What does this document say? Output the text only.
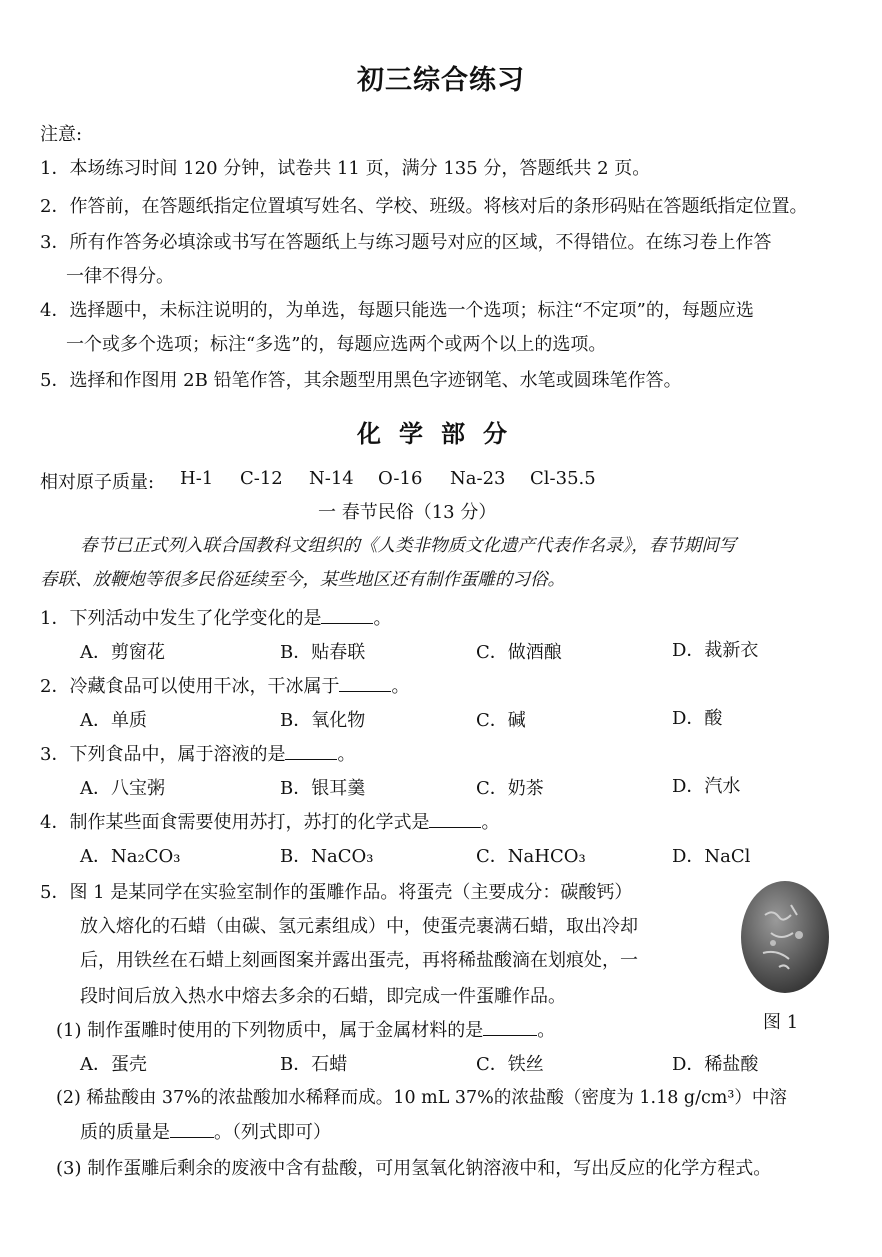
初三综合练习
注意:
1．本场练习时间 120 分钟，试卷共 11 页，满分 135 分，答题纸共 2 页。
2．作答前，在答题纸指定位置填写姓名、学校、班级。将核对后的条形码贴在答题纸指定位置。
3．所有作答务必填涂或书写在答题纸上与练习题号对应的区域，不得错位。在练习卷上作答
一律不得分。
4．选择题中，未标注说明的，为单选，每题只能选一个选项；标注“不定项”的，每题应选
一个或多个选项；标注“多选”的，每题应选两个或两个以上的选项。
5．选择和作图用 2B 铅笔作答，其余题型用黑色字迹钢笔、水笔或圆珠笔作答。
化学部分
相对原子质量: H-1 C-12 N-14 O-16 Na-23 Cl-35.5
一 春节民俗（13 分）
春节已正式列入联合国教科文组织的《人类非物质文化遗产代表作名录》，春节期间写
春联、放鞭炮等很多民俗延续至今，某些地区还有制作蛋雕的习俗。
1．下列活动中发生了化学变化的是	。
A．剪窗花	B．贴春联	C．做酒酿	D．裁新衣
2．冷藏食品可以使用干冰，干冰属于	。
A．单质	B．氧化物	C．碱	D．酸
3．下列食品中，属于溶液的是	。
A．八宝粥	B．银耳羹	C．奶茶	D．汽水
4．制作某些面食需要使用苏打，苏打的化学式是	。
A．Na₂CO₃	B．NaCO₃	C．NaHCO₃	D．NaCl
5．图 1 是某同学在实验室制作的蛋雕作品。将蛋壳（主要成分：碳酸钙）
放入熔化的石蜡（由碳、氢元素组成）中，使蛋壳裹满石蜡，取出冷却
后，用铁丝在石蜡上刻画图案并露出蛋壳，再将稀盐酸滴在划痕处，一
段时间后放入热水中熔去多余的石蜡，即完成一件蛋雕作品。
图 1
(1) 制作蛋雕时使用的下列物质中，属于金属材料的是	。
A．蛋壳	B．石蜡	C．铁丝	D．稀盐酸
(2) 稀盐酸由 37%的浓盐酸加水稀释而成。10 mL 37%的浓盐酸（密度为 1.18 g/cm³）中溶
质的质量是 。（列式即可）
(3) 制作蛋雕后剩余的废液中含有盐酸，可用氢氧化钠溶液中和，写出反应的化学方程式。
